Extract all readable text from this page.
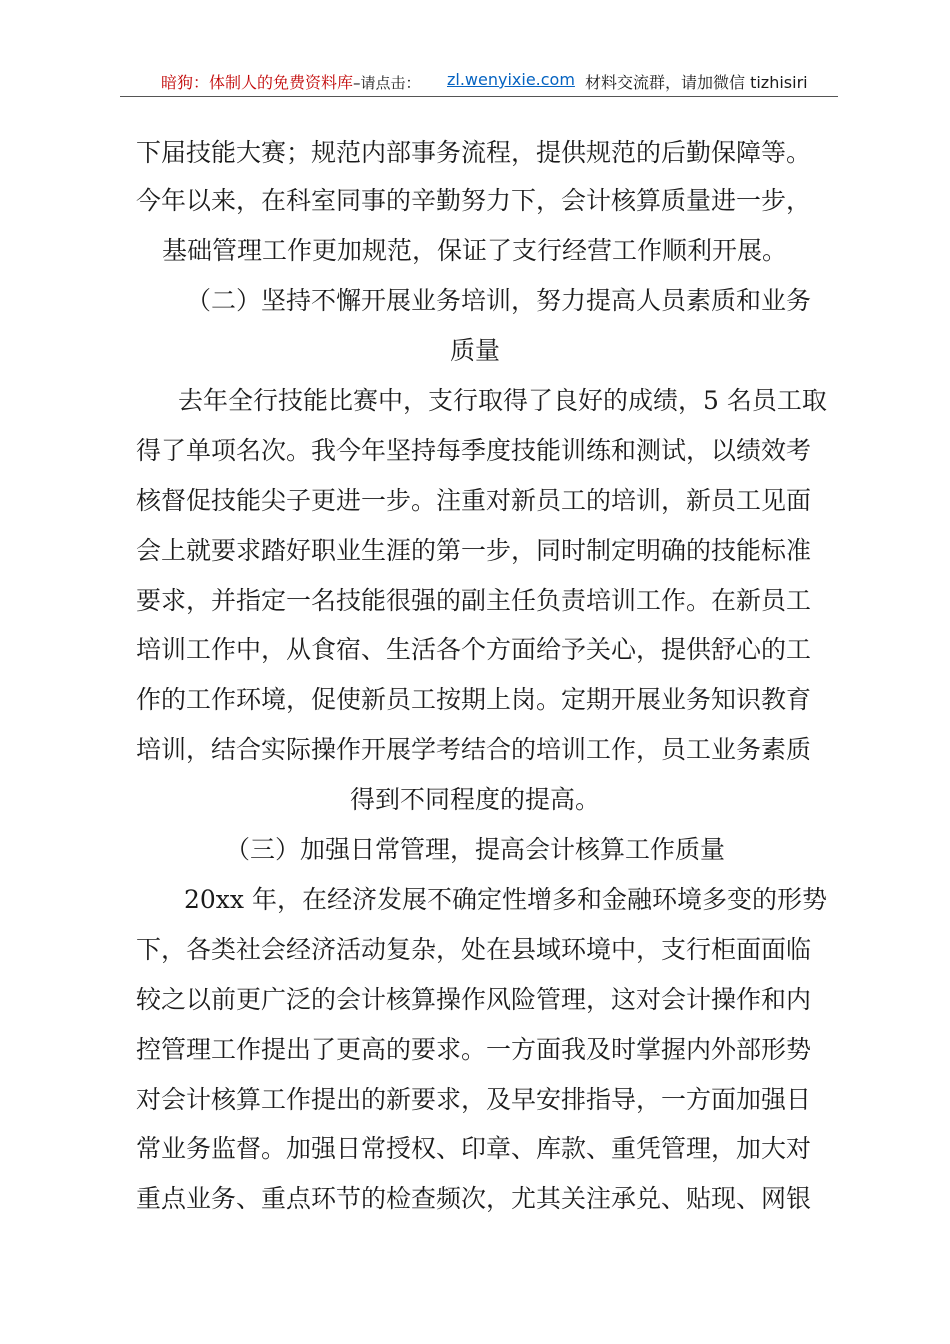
暗狗：体制人的免费资料库–请点击： zl.wenyixie.com 材料交流群，请加微信 tizhisiri
下届技能大赛；规范内部事务流程，提供规范的后勤保障等。
今年以来，在科室同事的辛勤努力下，会计核算质量进一步，
基础管理工作更加规范，保证了支行经营工作顺利开展。
（二）坚持不懈开展业务培训，努力提高人员素质和业务
质量
去年全行技能比赛中，支行取得了良好的成绩，5 名员工取
得了单项名次。我今年坚持每季度技能训练和测试，以绩效考
核督促技能尖子更进一步。注重对新员工的培训，新员工见面
会上就要求踏好职业生涯的第一步，同时制定明确的技能标准
要求，并指定一名技能很强的副主任负责培训工作。在新员工
培训工作中，从食宿、生活各个方面给予关心，提供舒心的工
作的工作环境，促使新员工按期上岗。定期开展业务知识教育
培训，结合实际操作开展学考结合的培训工作，员工业务素质
得到不同程度的提高。
（三）加强日常管理，提高会计核算工作质量
20xx 年，在经济发展不确定性增多和金融环境多变的形势
下，各类社会经济活动复杂，处在县域环境中，支行柜面面临
较之以前更广泛的会计核算操作风险管理，这对会计操作和内
控管理工作提出了更高的要求。一方面我及时掌握内外部形势
对会计核算工作提出的新要求，及早安排指导，一方面加强日
常业务监督。加强日常授权、印章、库款、重凭管理，加大对
重点业务、重点环节的检查频次，尤其关注承兑、贴现、网银
